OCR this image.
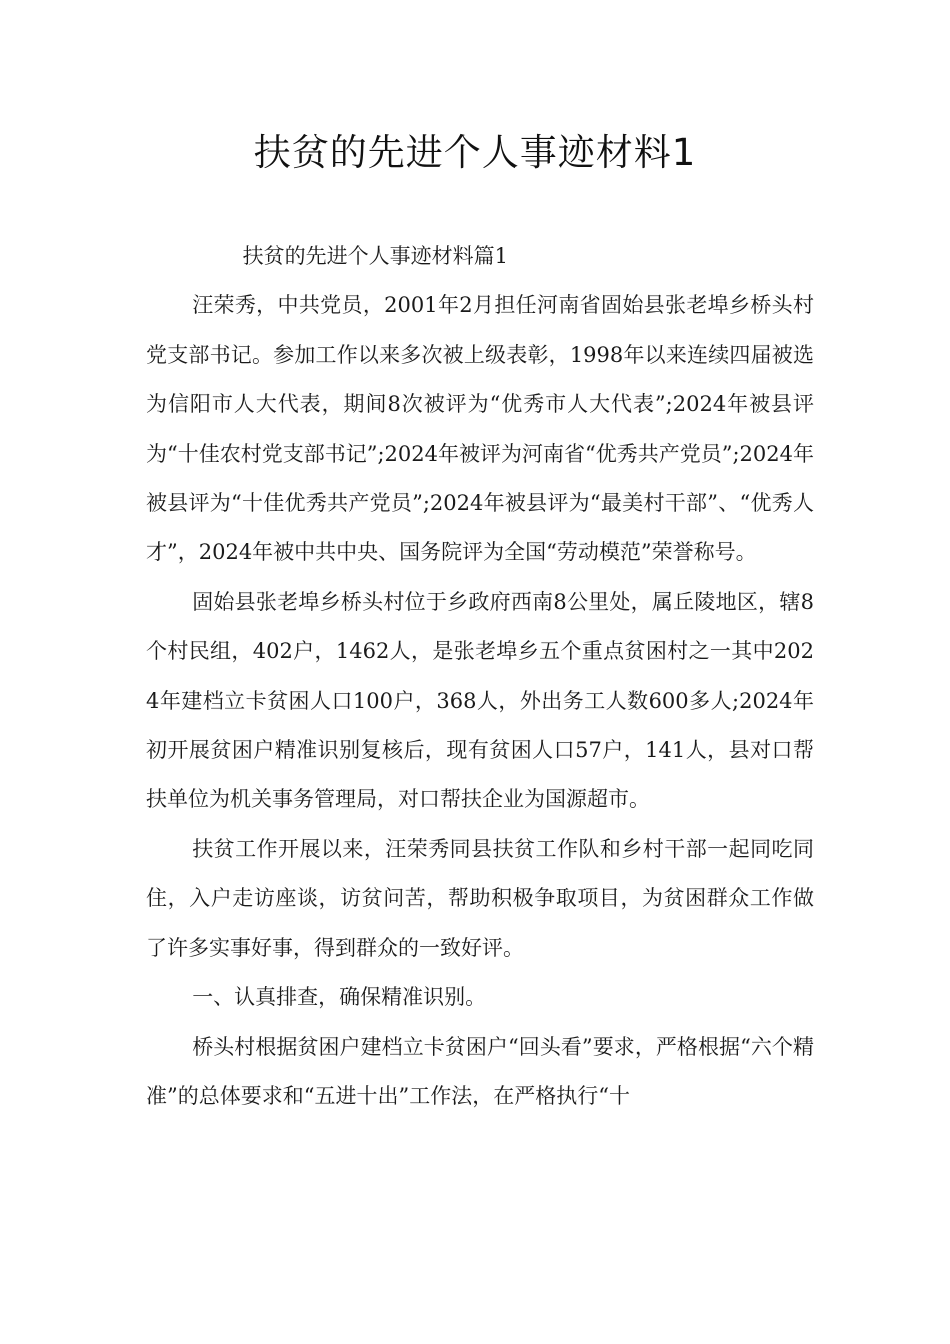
扶贫的先进个人事迹材料1

扶贫的先进个人事迹材料篇1

汪荣秀，中共党员，2001年2月担任河南省固始县张老埠乡桥头村党支部书记。参加工作以来多次被上级表彰，1998年以来连续四届被选为信阳市人大代表，期间8次被评为“优秀市人大代表”;2024年被县评为“十佳农村党支部书记”;2024年被评为河南省“优秀共产党员”;2024年被县评为“十佳优秀共产党员”;2024年被县评为“最美村干部”、“优秀人才”，2024年被中共中央、国务院评为全国“劳动模范”荣誉称号。

固始县张老埠乡桥头村位于乡政府西南8公里处，属丘陵地区，辖8个村民组，402户，1462人，是张老埠乡五个重点贫困村之一其中2024年建档立卡贫困人口100户，368人，外出务工人数600多人;2024年初开展贫困户精准识别复核后，现有贫困人口57户，141人，县对口帮扶单位为机关事务管理局，对口帮扶企业为国源超市。

扶贫工作开展以来，汪荣秀同县扶贫工作队和乡村干部一起同吃同住，入户走访座谈，访贫问苦，帮助积极争取项目，为贫困群众工作做了许多实事好事，得到群众的一致好评。

一、认真排查，确保精准识别。

桥头村根据贫困户建档立卡贫困户“回头看”要求，严格根据“六个精准”的总体要求和“五进十出”工作法，在严格执行“十
